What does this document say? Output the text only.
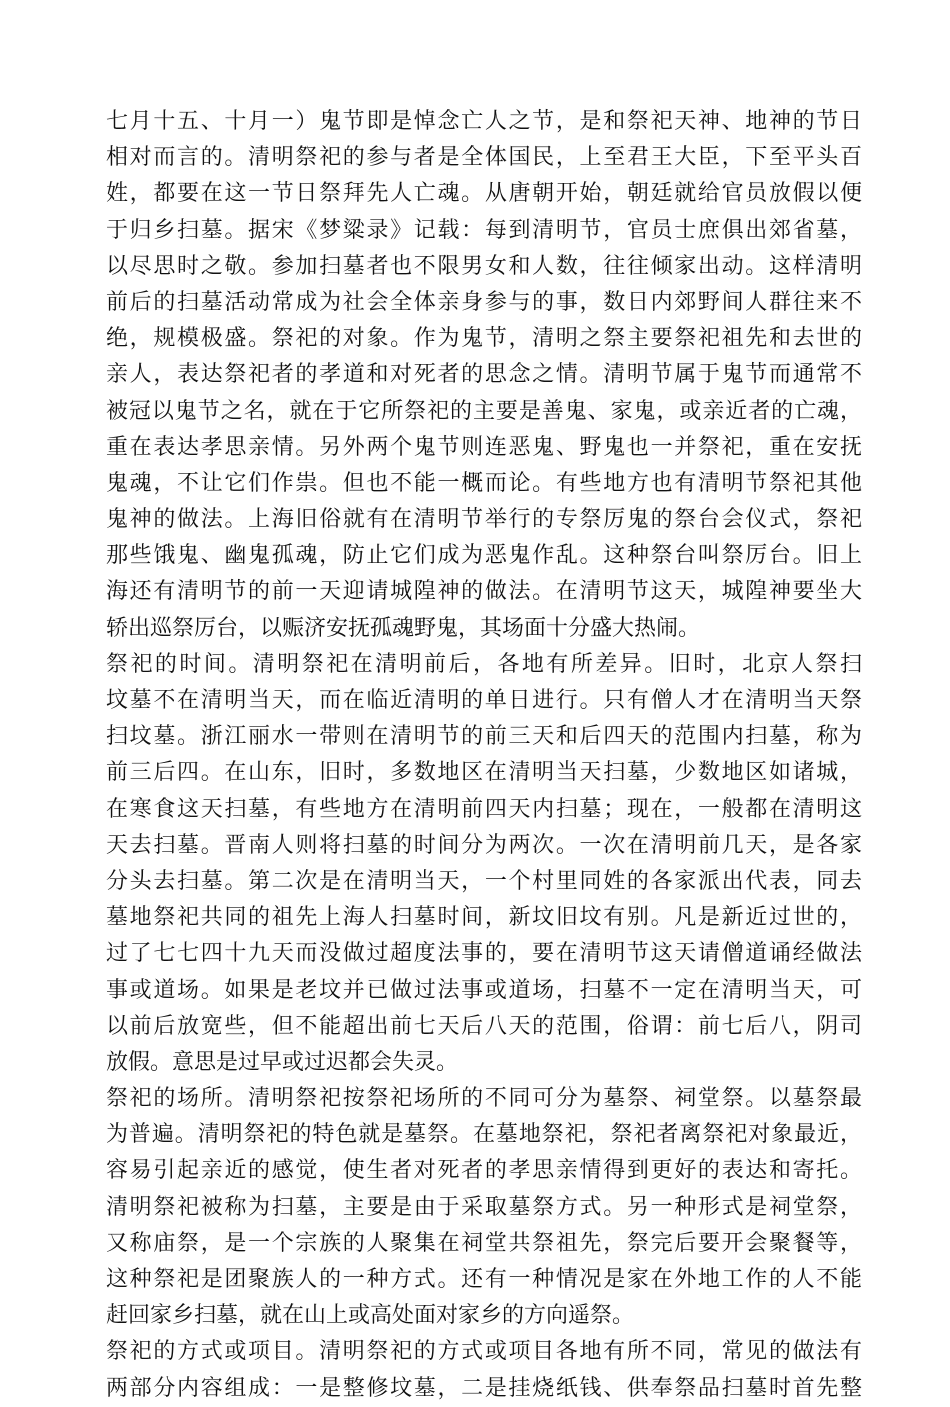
七月十五、十月一）鬼节即是悼念亡人之节，是和祭祀天神、地神的节日
相对而言的。清明祭祀的参与者是全体国民，上至君王大臣，下至平头百
姓，都要在这一节日祭拜先人亡魂。从唐朝开始，朝廷就给官员放假以便
于归乡扫墓。据宋《梦粱录》记载：每到清明节，官员士庶俱出郊省墓，
以尽思时之敬。参加扫墓者也不限男女和人数，往往倾家出动。这样清明
前后的扫墓活动常成为社会全体亲身参与的事，数日内郊野间人群往来不
绝，规模极盛。祭祀的对象。作为鬼节，清明之祭主要祭祀祖先和去世的
亲人，表达祭祀者的孝道和对死者的思念之情。清明节属于鬼节而通常不
被冠以鬼节之名，就在于它所祭祀的主要是善鬼、家鬼，或亲近者的亡魂，
重在表达孝思亲情。另外两个鬼节则连恶鬼、野鬼也一并祭祀，重在安抚
鬼魂，不让它们作祟。但也不能一概而论。有些地方也有清明节祭祀其他
鬼神的做法。上海旧俗就有在清明节举行的专祭厉鬼的祭台会仪式，祭祀
那些饿鬼、幽鬼孤魂，防止它们成为恶鬼作乱。这种祭台叫祭厉台。旧上
海还有清明节的前一天迎请城隍神的做法。在清明节这天，城隍神要坐大
轿出巡祭厉台，以赈济安抚孤魂野鬼，其场面十分盛大热闹。
祭祀的时间。清明祭祀在清明前后，各地有所差异。旧时，北京人祭扫
坟墓不在清明当天，而在临近清明的单日进行。只有僧人才在清明当天祭
扫坟墓。浙江丽水一带则在清明节的前三天和后四天的范围内扫墓，称为
前三后四。在山东，旧时，多数地区在清明当天扫墓，少数地区如诸城，
在寒食这天扫墓，有些地方在清明前四天内扫墓；现在，一般都在清明这
天去扫墓。晋南人则将扫墓的时间分为两次。一次在清明前几天，是各家
分头去扫墓。第二次是在清明当天，一个村里同姓的各家派出代表，同去
墓地祭祀共同的祖先上海人扫墓时间，新坟旧坟有别。凡是新近过世的，
过了七七四十九天而没做过超度法事的，要在清明节这天请僧道诵经做法
事或道场。如果是老坟并已做过法事或道场，扫墓不一定在清明当天，可
以前后放宽些，但不能超出前七天后八天的范围，俗谓：前七后八，阴司
放假。意思是过早或过迟都会失灵。
祭祀的场所。清明祭祀按祭祀场所的不同可分为墓祭、祠堂祭。以墓祭最
为普遍。清明祭祀的特色就是墓祭。在墓地祭祀，祭祀者离祭祀对象最近，
容易引起亲近的感觉，使生者对死者的孝思亲情得到更好的表达和寄托。
清明祭祀被称为扫墓，主要是由于采取墓祭方式。另一种形式是祠堂祭，
又称庙祭，是一个宗族的人聚集在祠堂共祭祖先，祭完后要开会聚餐等，
这种祭祀是团聚族人的一种方式。还有一种情况是家在外地工作的人不能
赶回家乡扫墓，就在山上或高处面对家乡的方向遥祭。
祭祀的方式或项目。清明祭祀的方式或项目各地有所不同，常见的做法有
两部分内容组成：一是整修坟墓，二是挂烧纸钱、供奉祭品扫墓时首先整
